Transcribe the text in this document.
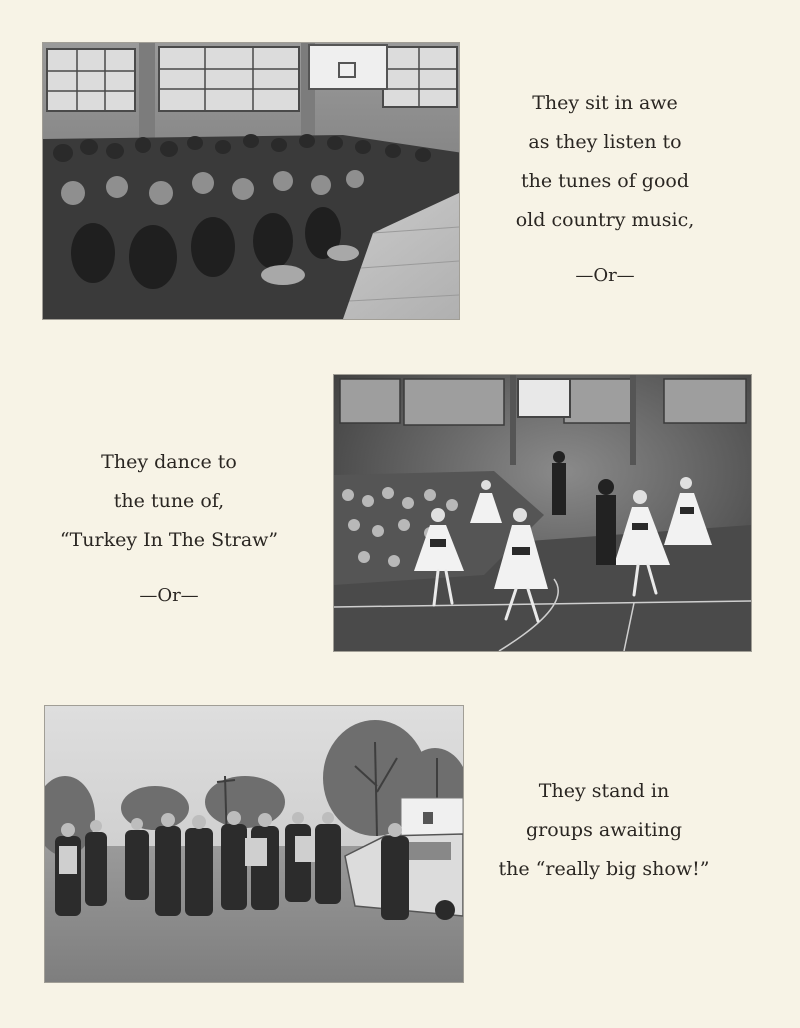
They sit in awe
as they listen to
the tunes of good
old country music,
—Or—
They dance to
the tune of,
“Turkey In The Straw”
—Or—
They stand in
groups awaiting
the “really big show!”
